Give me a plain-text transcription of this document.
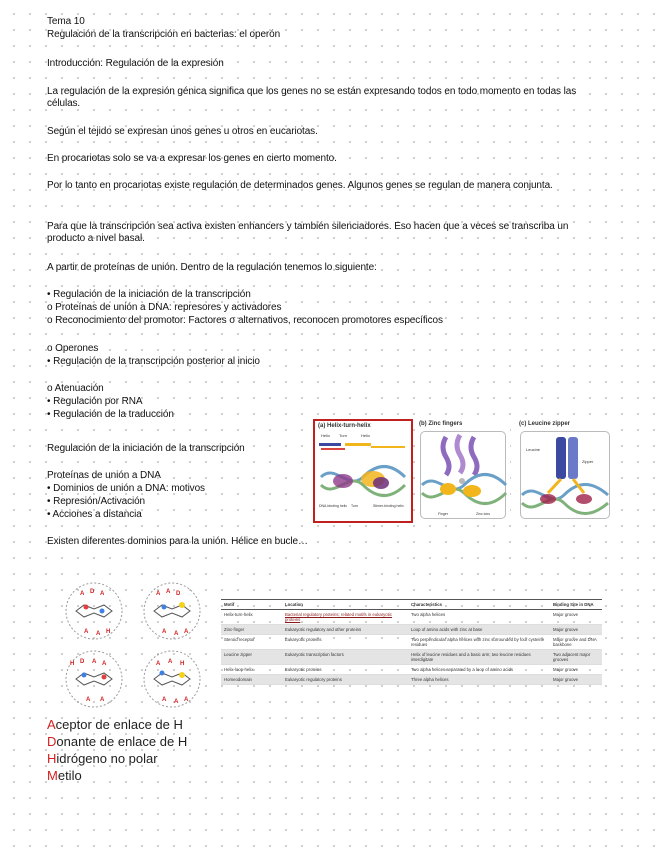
Tema 10
Regulación de la transcripción en bacterias: el operón
Introducción: Regulación de la expresión
La regulación de la expresión génica significa que los genes no se están expresando todos en todo momento en todas las células.
Según el tejido se expresan unos genes u otros en eucariotas.
En procariotas solo se va a expresar los genes en cierto momento.
Por lo tanto en procariotas existe regulación de determinados genes. Algunos genes se regulan de manera conjunta.
Para que la transcripción sea activa existen enhancers y también silenciadores. Eso hacen que a veces se transcriba un producto a nivel basal.
A partir de proteínas de unión. Dentro de la regulación tenemos lo siguiente:
• Regulación de la iniciación de la transcripción
o Proteínas de unión a DNA: represores y activadores
o Reconocimiento del promotor: Factores σ alternativos, reconocen promotores específicos
o Operones
• Regulación de la transcripción posterior al inicio
o Atenuación
• Regulación por RNA
• Regulación de la traducción
Regulación de la iniciación de la transcripción
Proteínas de unión a DNA
• Dominios de unión a DNA: motivos
• Represión/Activación
• Acciones a distancia
Existen diferentes dominios para la unión. Hélice en bucle…
(a) Helix-turn-helix
Helix Turn	Helix
DNA-binding helix Turn	Stimer-binding helix
(b) Zinc fingers
Finger	Zinc ions
(c) Leucine zipper
Leucine
Zipper
A D A
A A H
A A D
A A A
H D A A
A A
A A H
A A A
Aceptor de enlace de H
Donante de enlace de H
Hidrógeno no polar
Metilo
Motif	Location	Characteristics	Binding Site in DNA
Helix-turn-helix	Bacterial regulatory proteins; related motifs in eukaryotic proteins	Two alpha helices	Major groove
Zinc-finger	Eukaryotic regulatory and other proteins	Loop of amino acids with zinc at base	Major groove
Steroid receptor	Eukaryotic proteins	Two perpendicular alpha helices with zinc surrounded by four cysteine residues	Major groove and DNA backbone
Leucine zipper	Eukaryotic transcription factors	Helix of leucine residues and a basic arm; two leucine residues interdigitate	Two adjacent major grooves
Helix-loop-helix	Eukaryotic proteins	Two alpha helices separated by a loop of amino acids	Major groove
Homeodomain	Eukaryotic regulatory proteins	Three alpha helices	Major groove
